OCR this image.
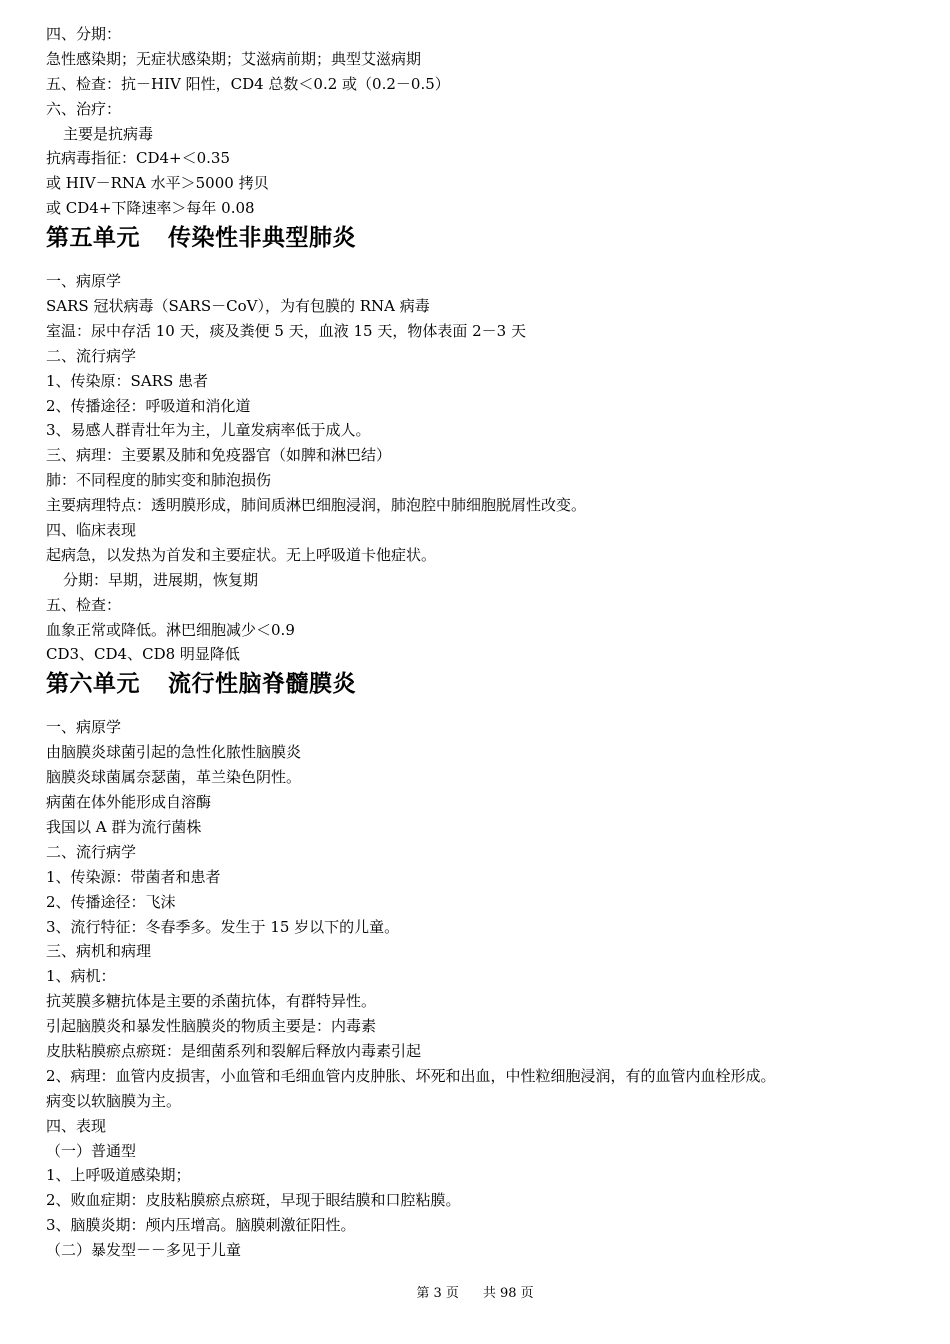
四、分期：
急性感染期；无症状感染期；艾滋病前期；典型艾滋病期
五、检查：抗－HIV 阳性，CD4 总数＜0.2 或（0.2－0.5）
六、治疗：
主要是抗病毒
抗病毒指征：CD4+＜0.35
或 HIV－RNA 水平＞5000 拷贝
或 CD4+下降速率＞每年 0.08
第五单元 传染性非典型肺炎
一、病原学
SARS 冠状病毒（SARS－CoV），为有包膜的 RNA 病毒
室温：尿中存活 10 天，痰及粪便 5 天，血液 15 天，物体表面 2－3 天
二、流行病学
1、传染原：SARS 患者
2、传播途径：呼吸道和消化道
3、易感人群青壮年为主，儿童发病率低于成人。
三、病理：主要累及肺和免疫器官（如脾和淋巴结）
肺：不同程度的肺实变和肺泡损伤
主要病理特点：透明膜形成，肺间质淋巴细胞浸润，肺泡腔中肺细胞脱屑性改变。
四、临床表现
起病急，以发热为首发和主要症状。无上呼吸道卡他症状。
分期：早期，进展期，恢复期
五、检查：
血象正常或降低。淋巴细胞减少＜0.9
CD3、CD4、CD8 明显降低
第六单元 流行性脑脊髓膜炎
一、病原学
由脑膜炎球菌引起的急性化脓性脑膜炎
脑膜炎球菌属奈瑟菌，革兰染色阴性。
病菌在体外能形成自溶酶
我国以 A 群为流行菌株
二、流行病学
1、传染源：带菌者和患者
2、传播途径：飞沫
3、流行特征：冬春季多。发生于 15 岁以下的儿童。
三、病机和病理
1、病机：
抗荚膜多糖抗体是主要的杀菌抗体，有群特异性。
引起脑膜炎和暴发性脑膜炎的物质主要是：内毒素
皮肤粘膜瘀点瘀斑：是细菌系列和裂解后释放内毒素引起
2、病理：血管内皮损害，小血管和毛细血管内皮肿胀、坏死和出血，中性粒细胞浸润，有的血管内血栓形成。
病变以软脑膜为主。
四、表现
（一）普通型
1、上呼吸道感染期；
2、败血症期：皮肢粘膜瘀点瘀斑，早现于眼结膜和口腔粘膜。
3、脑膜炎期：颅内压增高。脑膜刺激征阳性。
（二）暴发型－－多见于儿童
第 3 页 共 98 页
